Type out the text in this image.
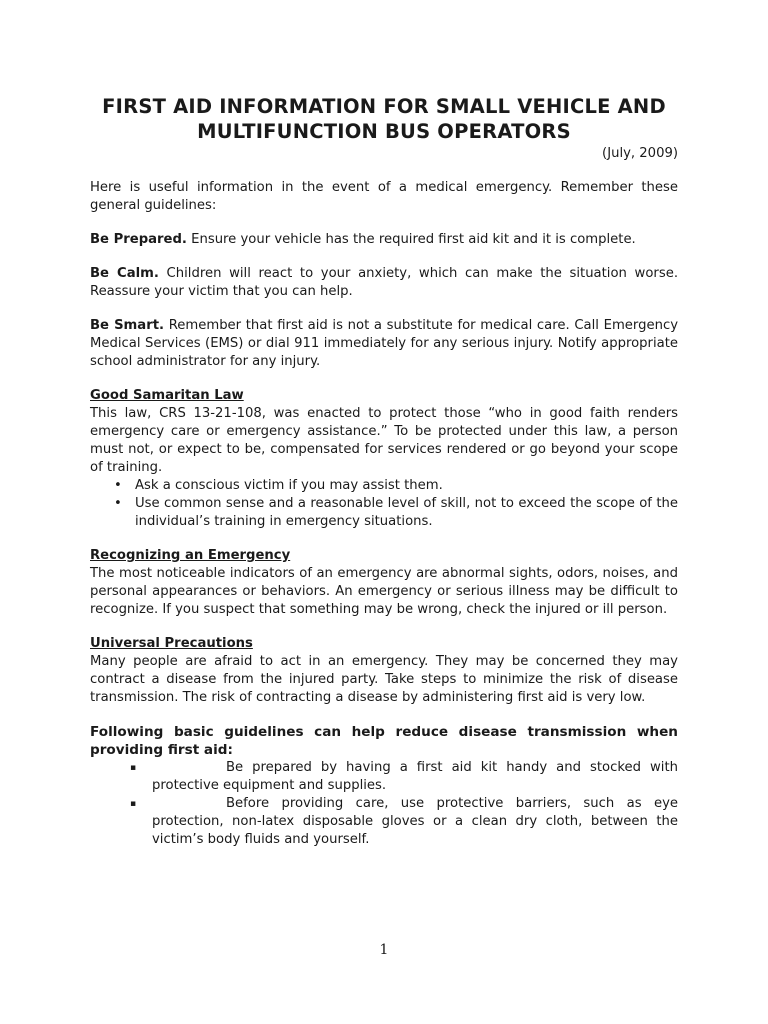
FIRST AID INFORMATION FOR SMALL VEHICLE AND
MULTIFUNCTION BUS OPERATORS
(July, 2009)

Here is useful information in the event of a medical emergency. Remember these general guidelines:

Be Prepared. Ensure your vehicle has the required first aid kit and it is complete.

Be Calm. Children will react to your anxiety, which can make the situation worse. Reassure your victim that you can help.

Be Smart. Remember that first aid is not a substitute for medical care. Call Emergency Medical Services (EMS) or dial 911 immediately for any serious injury. Notify appropriate school administrator for any injury.

Good Samaritan Law

This law, CRS 13-21-108, was enacted to protect those “who in good faith renders emergency care or emergency assistance.” To be protected under this law, a person must not, or expect to be, compensated for services rendered or go beyond your scope of training.

• Ask a conscious victim if you may assist them.
• Use common sense and a reasonable level of skill, not to exceed the scope of the individual’s training in emergency situations.
Recognizing an Emergency

The most noticeable indicators of an emergency are abnormal sights, odors, noises, and personal appearances or behaviors. An emergency or serious illness may be difficult to recognize. If you suspect that something may be wrong, check the injured or ill person.

Universal Precautions

Many people are afraid to act in an emergency. They may be concerned they may contract a disease from the injured party. Take steps to minimize the risk of disease transmission. The risk of contracting a disease by administering first aid is very low.

Following basic guidelines can help reduce disease transmission when providing first aid:

▪	Be prepared by having a first aid kit handy and stocked with protective equipment and supplies.
▪	Before providing care, use protective barriers, such as eye protection, non-latex disposable gloves or a clean dry cloth, between the victim’s body fluids and yourself.
1
